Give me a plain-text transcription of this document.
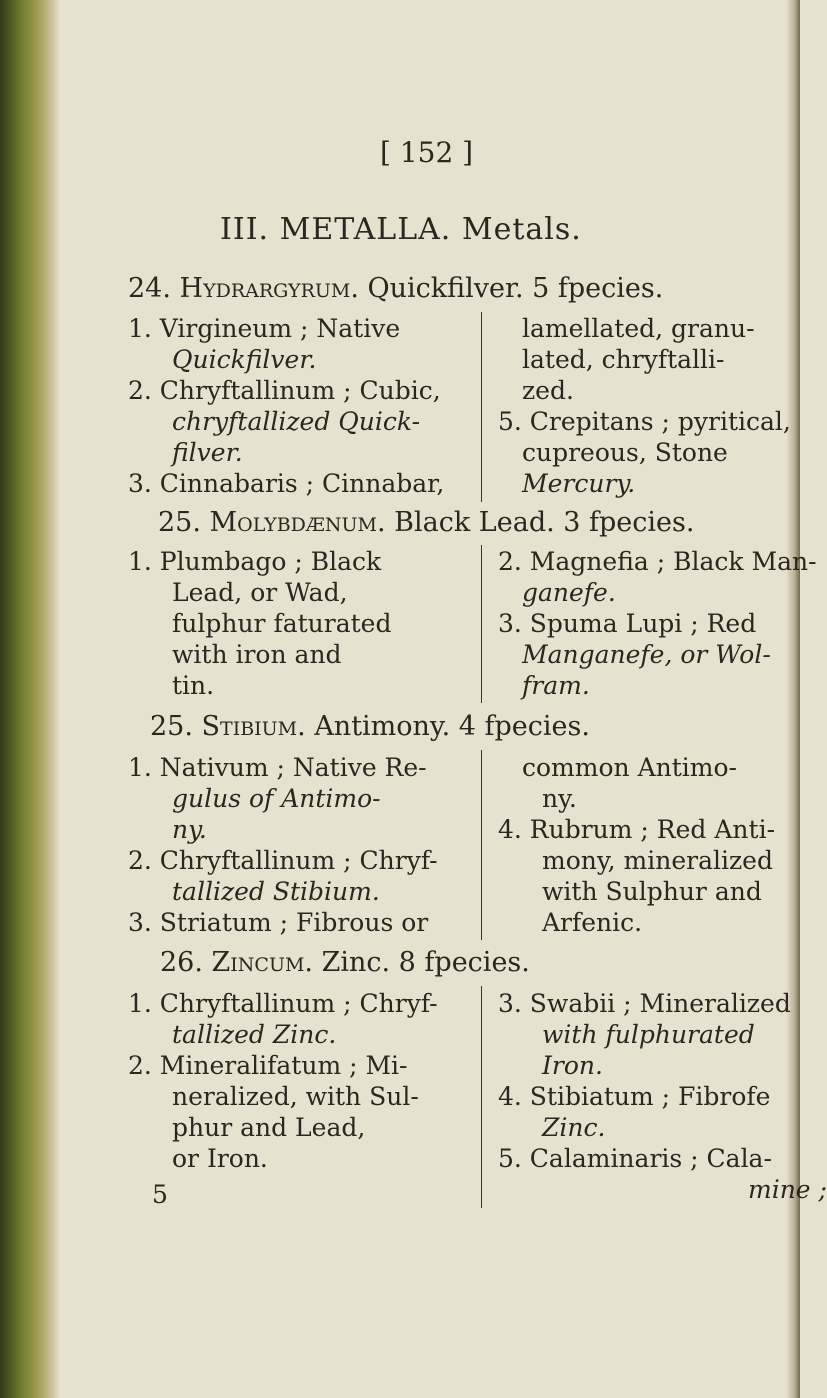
[ 152 ]
III. METALLA. Metals.
24. Hydrargyrum. Quickfilver. 5 fpecies.
1. Virgineum ; Native
Quickfilver.
2. Chryftallinum ; Cubic,
chryftallized Quick-
filver.
3. Cinnabaris ; Cinnabar,
lamellated, granu-
lated, chryftalli-
zed.
5. Crepitans ; pyritical,
cupreous, Stone
Mercury.
25. Molybdænum. Black Lead. 3 fpecies.
1. Plumbago ; Black
Lead, or Wad,
fulphur faturated
with iron and
tin.
2. Magnefia ; Black Man-
ganefe.
3. Spuma Lupi ; Red
Manganefe, or Wol-
fram.
25. Stibium. Antimony. 4 fpecies.
1. Nativum ; Native Re-
gulus of Antimo-
ny.
2. Chryftallinum ; Chryf-
tallized Stibium.
3. Striatum ; Fibrous or
common Antimo-
ny.
4. Rubrum ; Red Anti-
mony, mineralized
with Sulphur and
Arfenic.
26. Zincum. Zinc. 8 fpecies.
1. Chryftallinum ; Chryf-
tallized Zinc.
2. Mineralifatum ; Mi-
neralized, with Sul-
phur and Lead,
or Iron.
3. Swabii ; Mineralized
with fulphurated
Iron.
4. Stibiatum ; Fibrofe
Zinc.
5. Calaminaris ; Cala-
mine ;
5
